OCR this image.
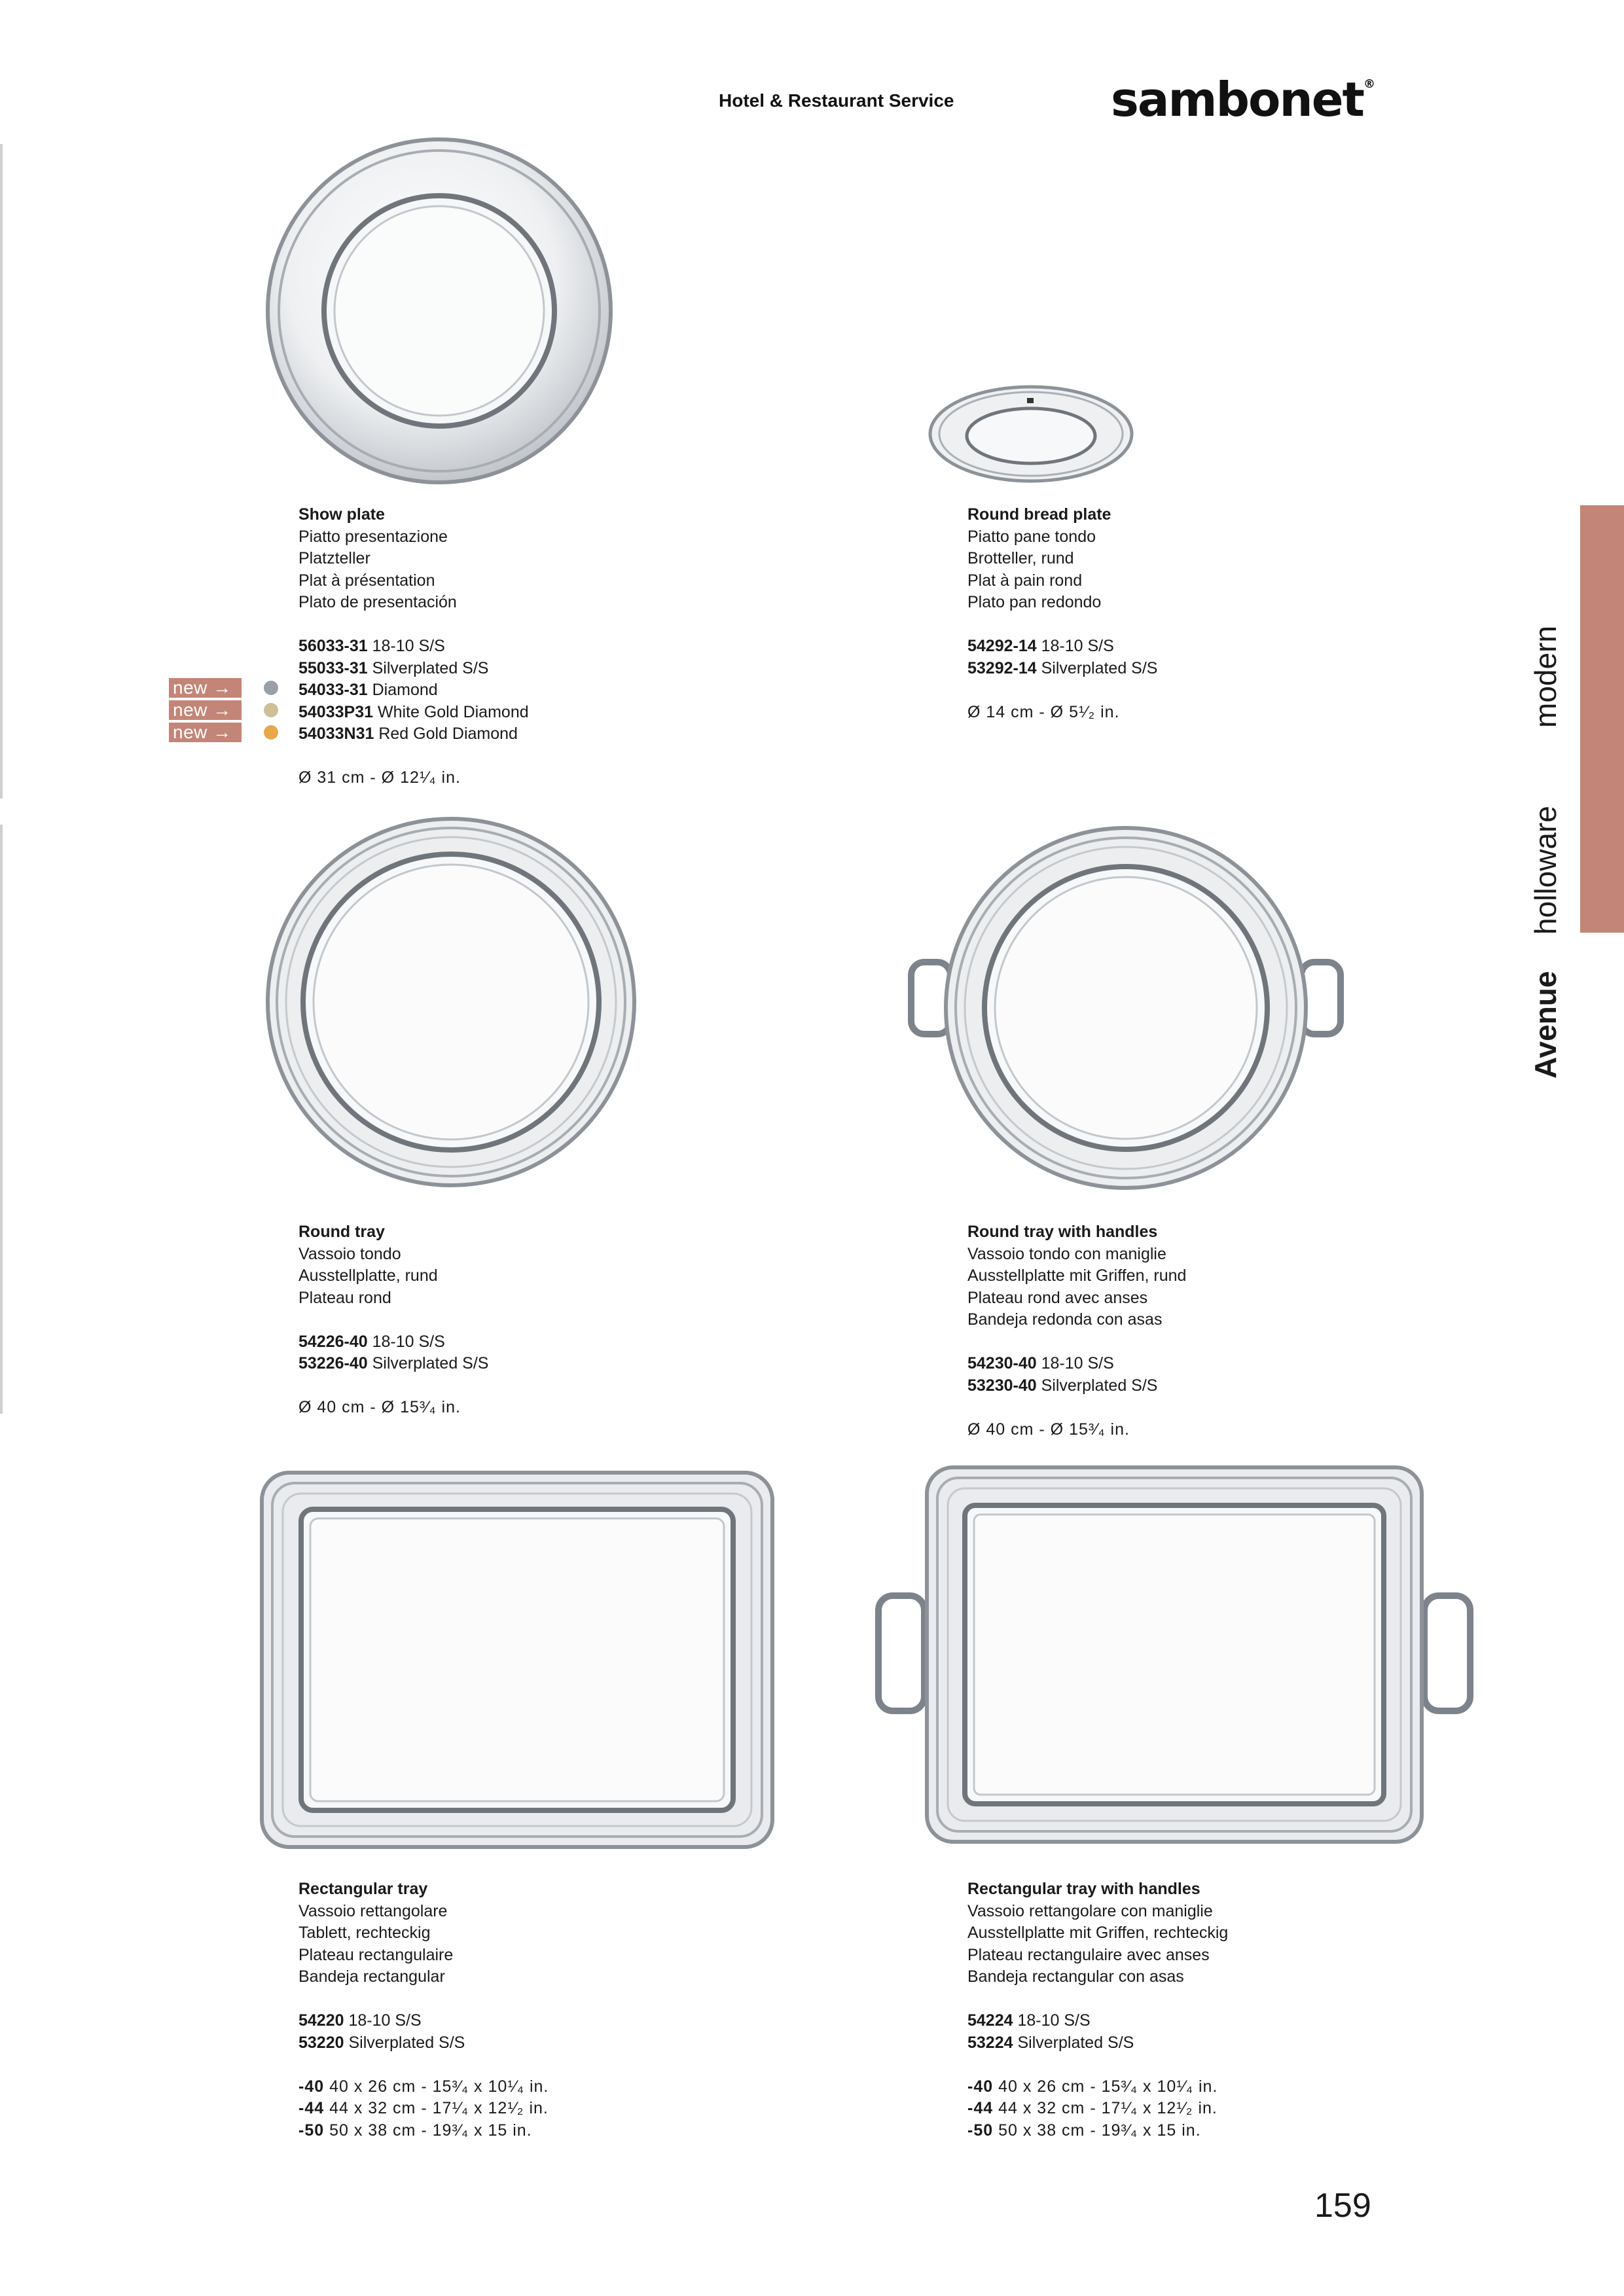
Hotel & Restaurant Service	sambonet®
modern
holloware
Avenue
Show plate
Piatto presentazione
Platzteller
Plat à présentation
Plato de presentación
56033-31 18-10 S/S
55033-31 Silverplated S/S
54033-31 Diamond
54033P31 White Gold Diamond
54033N31 Red Gold Diamond
Ø 31 cm - Ø 12¹⁄₄ in.
new →
new →
new →
Round bread plate
Piatto pane tondo
Brotteller, rund
Plat à pain rond
Plato pan redondo
54292-14 18-10 S/S
53292-14 Silverplated S/S
Ø 14 cm - Ø 5¹⁄₂ in.
Round tray
Vassoio tondo
Ausstellplatte, rund
Plateau rond
54226-40 18-10 S/S
53226-40 Silverplated S/S
Ø 40 cm - Ø 15³⁄₄ in.
Round tray with handles
Vassoio tondo con maniglie
Ausstellplatte mit Griffen, rund
Plateau rond avec anses
Bandeja redonda con asas
54230-40 18-10 S/S
53230-40 Silverplated S/S
Ø 40 cm - Ø 15³⁄₄ in.
Rectangular tray
Vassoio rettangolare
Tablett, rechteckig
Plateau rectangulaire
Bandeja rectangular
54220 18-10 S/S
53220 Silverplated S/S
-40 40 x 26 cm - 15³⁄₄ x 10¹⁄₄ in.
-44 44 x 32 cm - 17¹⁄₄ x 12¹⁄₂ in.
-50 50 x 38 cm - 19³⁄₄ x 15 in.
Rectangular tray with handles
Vassoio rettangolare con maniglie
Ausstellplatte mit Griffen, rechteckig
Plateau rectangulaire avec anses
Bandeja rectangular con asas
54224 18-10 S/S
53224 Silverplated S/S
-40 40 x 26 cm - 15³⁄₄ x 10¹⁄₄ in.
-44 44 x 32 cm - 17¹⁄₄ x 12¹⁄₂ in.
-50 50 x 38 cm - 19³⁄₄ x 15 in.
159
